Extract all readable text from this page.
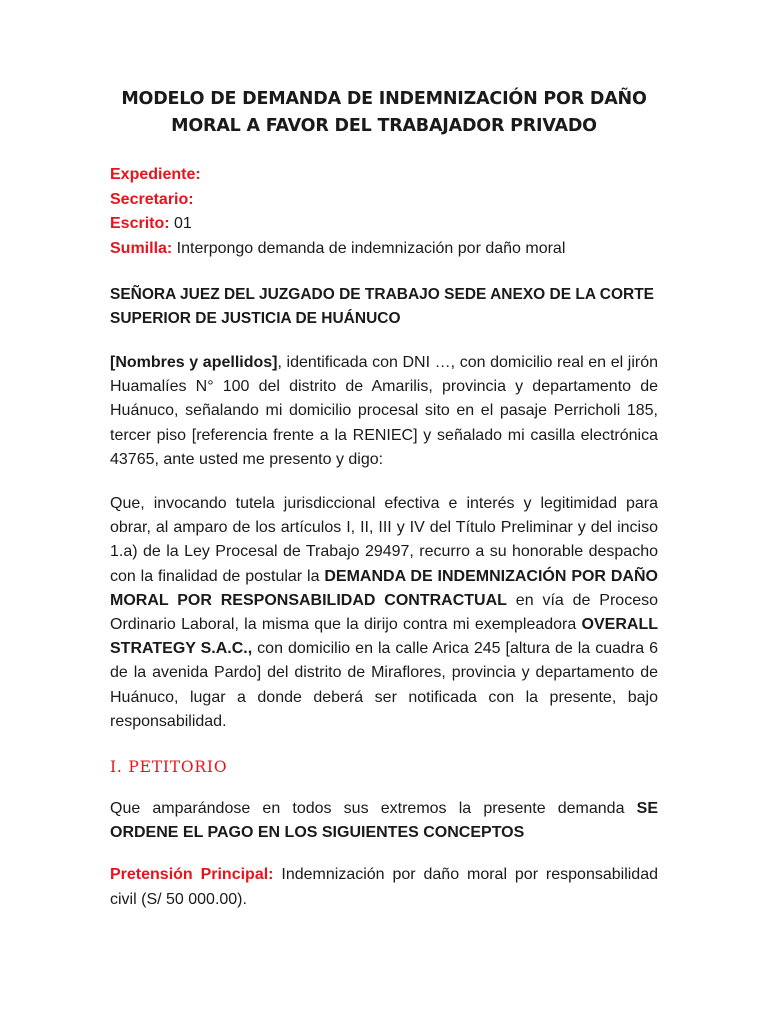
MODELO DE DEMANDA DE INDEMNIZACIÓN POR DAÑO
MORAL A FAVOR DEL TRABAJADOR PRIVADO
Expediente:
Secretario:
Escrito: 01
Sumilla: Interpongo demanda de indemnización por daño moral
SEÑORA JUEZ DEL JUZGADO DE TRABAJO SEDE ANEXO DE LA CORTE
SUPERIOR DE JUSTICIA DE HUÁNUCO

[Nombres y apellidos], identificada con DNI …, con domicilio real en el jirón Huamalíes N° 100 del distrito de Amarilis, provincia y departamento de Huánuco, señalando mi domicilio procesal sito en el pasaje Perricholi 185, tercer piso [referencia frente a la RENIEC] y señalado mi casilla electrónica 43765, ante usted me presento y digo:

Que, invocando tutela jurisdiccional efectiva e interés y legitimidad para obrar, al amparo de los artículos I, II, III y IV del Título Preliminar y del inciso 1.a) de la Ley Procesal de Trabajo 29497, recurro a su honorable despacho con la finalidad de postular la DEMANDA DE INDEMNIZACIÓN POR DAÑO MORAL POR RESPONSABILIDAD CONTRACTUAL en vía de Proceso Ordinario Laboral, la misma que la dirijo contra mi exempleadora OVERALL STRATEGY S.A.C., con domicilio en la calle Arica 245 [altura de la cuadra 6 de la avenida Pardo] del distrito de Miraflores, provincia y departamento de Huánuco, lugar a donde deberá ser notificada con la presente, bajo responsabilidad.

I. PETITORIO

Que amparándose en todos sus extremos la presente demanda SE ORDENE EL PAGO EN LOS SIGUIENTES CONCEPTOS

Pretensión Principal: Indemnización por daño moral por responsabilidad civil (S/ 50 000.00).
